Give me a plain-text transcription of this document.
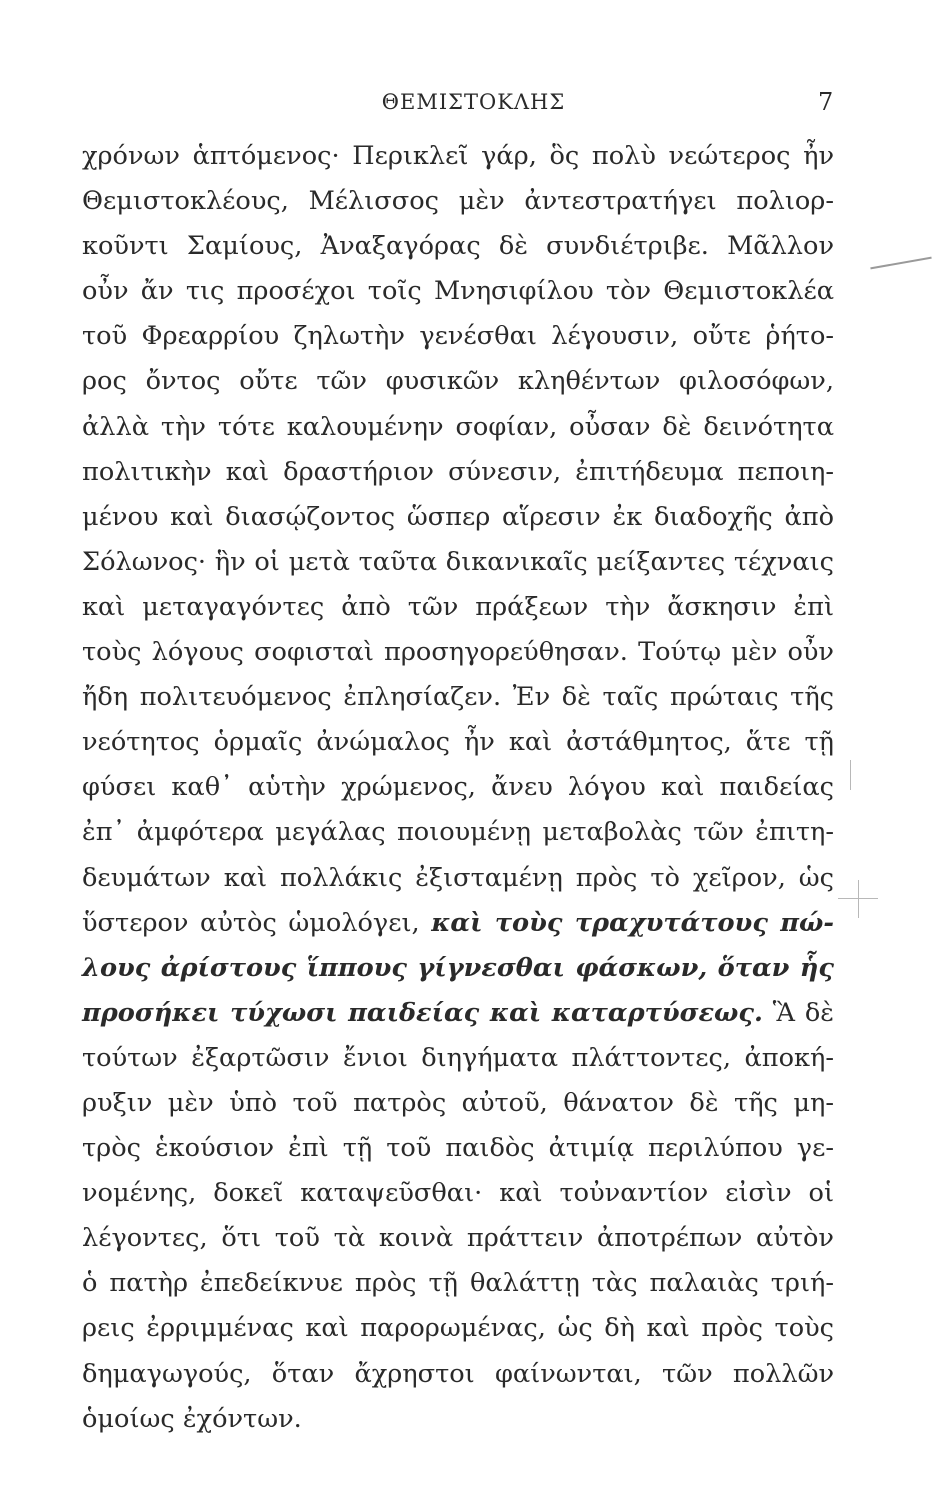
ΘΕΜΙΣΤΟΚΛΗΣ	7
χρόνων ἁπτόμενος· Περικλεῖ γάρ, ὃς πολὺ νεώτερος ἦν
Θεμιστοκλέους, Μέλισσος μὲν ἀντεστρατήγει πολιορ-
κοῦντι Σαμίους, Ἀναξαγόρας δὲ συνδιέτριβε. Μᾶλλον
οὖν ἄν τις προσέχοι τοῖς Μνησιφίλου τὸν Θεμιστοκλέα
τοῦ Φρεαρρίου ζηλωτὴν γενέσθαι λέγουσιν, οὔτε ῥήτο-
ρος ὄντος οὔτε τῶν φυσικῶν κληθέντων φιλοσόφων,
ἀλλὰ τὴν τότε καλουμένην σοφίαν, οὖσαν δὲ δεινότητα
πολιτικὴν καὶ δραστήριον σύνεσιν, ἐπιτήδευμα πεποιη-
μένου καὶ διασῴζοντος ὥσπερ αἵρεσιν ἐκ διαδοχῆς ἀπὸ
Σόλωνος· ἣν οἱ μετὰ ταῦτα δικανικαῖς μείξαντες τέχναις
καὶ μεταγαγόντες ἀπὸ τῶν πράξεων τὴν ἄσκησιν ἐπὶ
τοὺς λόγους σοφισταὶ προσηγορεύθησαν. Τούτῳ μὲν οὖν
ἤδη πολιτευόμενος ἐπλησίαζεν. Ἐν δὲ ταῖς πρώταις τῆς
νεότητος ὁρμαῖς ἀνώμαλος ἦν καὶ ἀστάθμητος, ἅτε τῇ
φύσει καθ᾽ αὑτὴν χρώμενος, ἄνευ λόγου καὶ παιδείας
ἐπ᾽ ἀμφότερα μεγάλας ποιουμένῃ μεταβολὰς τῶν ἐπιτη-
δευμάτων καὶ πολλάκις ἐξισταμένῃ πρὸς τὸ χεῖρον, ὡς
ὕστερον αὐτὸς ὡμολόγει, καὶ τοὺς τραχυτάτους πώ-
λους ἀρίστους ἵππους γίγνεσθαι φάσκων, ὅταν ἧς
προσήκει τύχωσι παιδείας καὶ καταρτύσεως. Ἃ δὲ
τούτων ἐξαρτῶσιν ἔνιοι διηγήματα πλάττοντες, ἀποκή-
ρυξιν μὲν ὑπὸ τοῦ πατρὸς αὐτοῦ, θάνατον δὲ τῆς μη-
τρὸς ἑκούσιον ἐπὶ τῇ τοῦ παιδὸς ἀτιμίᾳ περιλύπου γε-
νομένης, δοκεῖ καταψεῦσθαι· καὶ τοὐναντίον εἰσὶν οἱ
λέγοντες, ὅτι τοῦ τὰ κοινὰ πράττειν ἀποτρέπων αὐτὸν
ὁ πατὴρ ἐπεδείκνυε πρὸς τῇ θαλάττῃ τὰς παλαιὰς τριή-
ρεις ἐρριμμένας καὶ παρορωμένας, ὡς δὴ καὶ πρὸς τοὺς
δημαγωγούς, ὅταν ἄχρηστοι φαίνωνται, τῶν πολλῶν
ὁμοίως ἐχόντων.
